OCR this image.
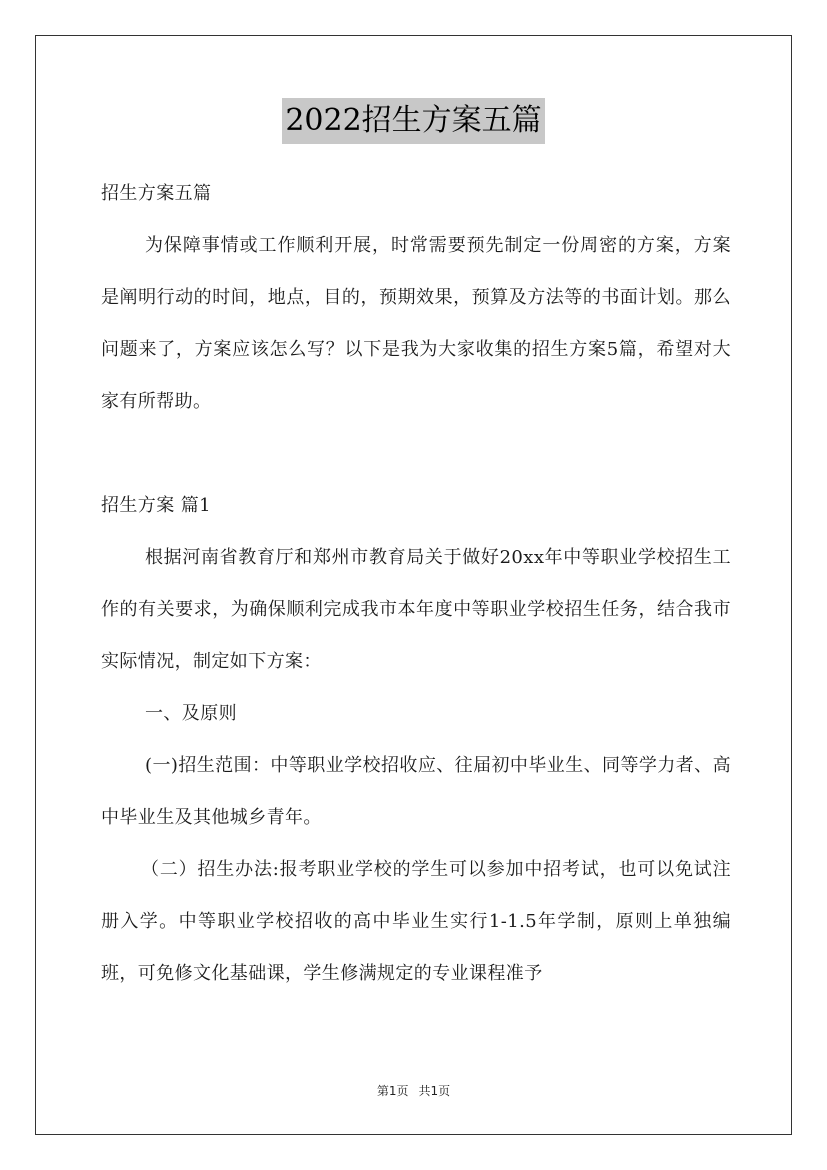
2022招生方案五篇

招生方案五篇

为保障事情或工作顺利开展，时常需要预先制定一份周密的方案，方案是阐明行动的时间，地点，目的，预期效果，预算及方法等的书面计划。那么问题来了，方案应该怎么写？以下是我为大家收集的招生方案5篇，希望对大家有所帮助。

招生方案 篇1

根据河南省教育厅和郑州市教育局关于做好20xx年中等职业学校招生工作的有关要求，为确保顺利完成我市本年度中等职业学校招生任务，结合我市实际情况，制定如下方案：

一、及原则

(一)招生范围：中等职业学校招收应、往届初中毕业生、同等学力者、高中毕业生及其他城乡青年。

（二）招生办法:报考职业学校的学生可以参加中招考试，也可以免试注册入学。中等职业学校招收的高中毕业生实行1-1.5年学制，原则上单独编班，可免修文化基础课，学生修满规定的专业课程准予

第1页 共1页
